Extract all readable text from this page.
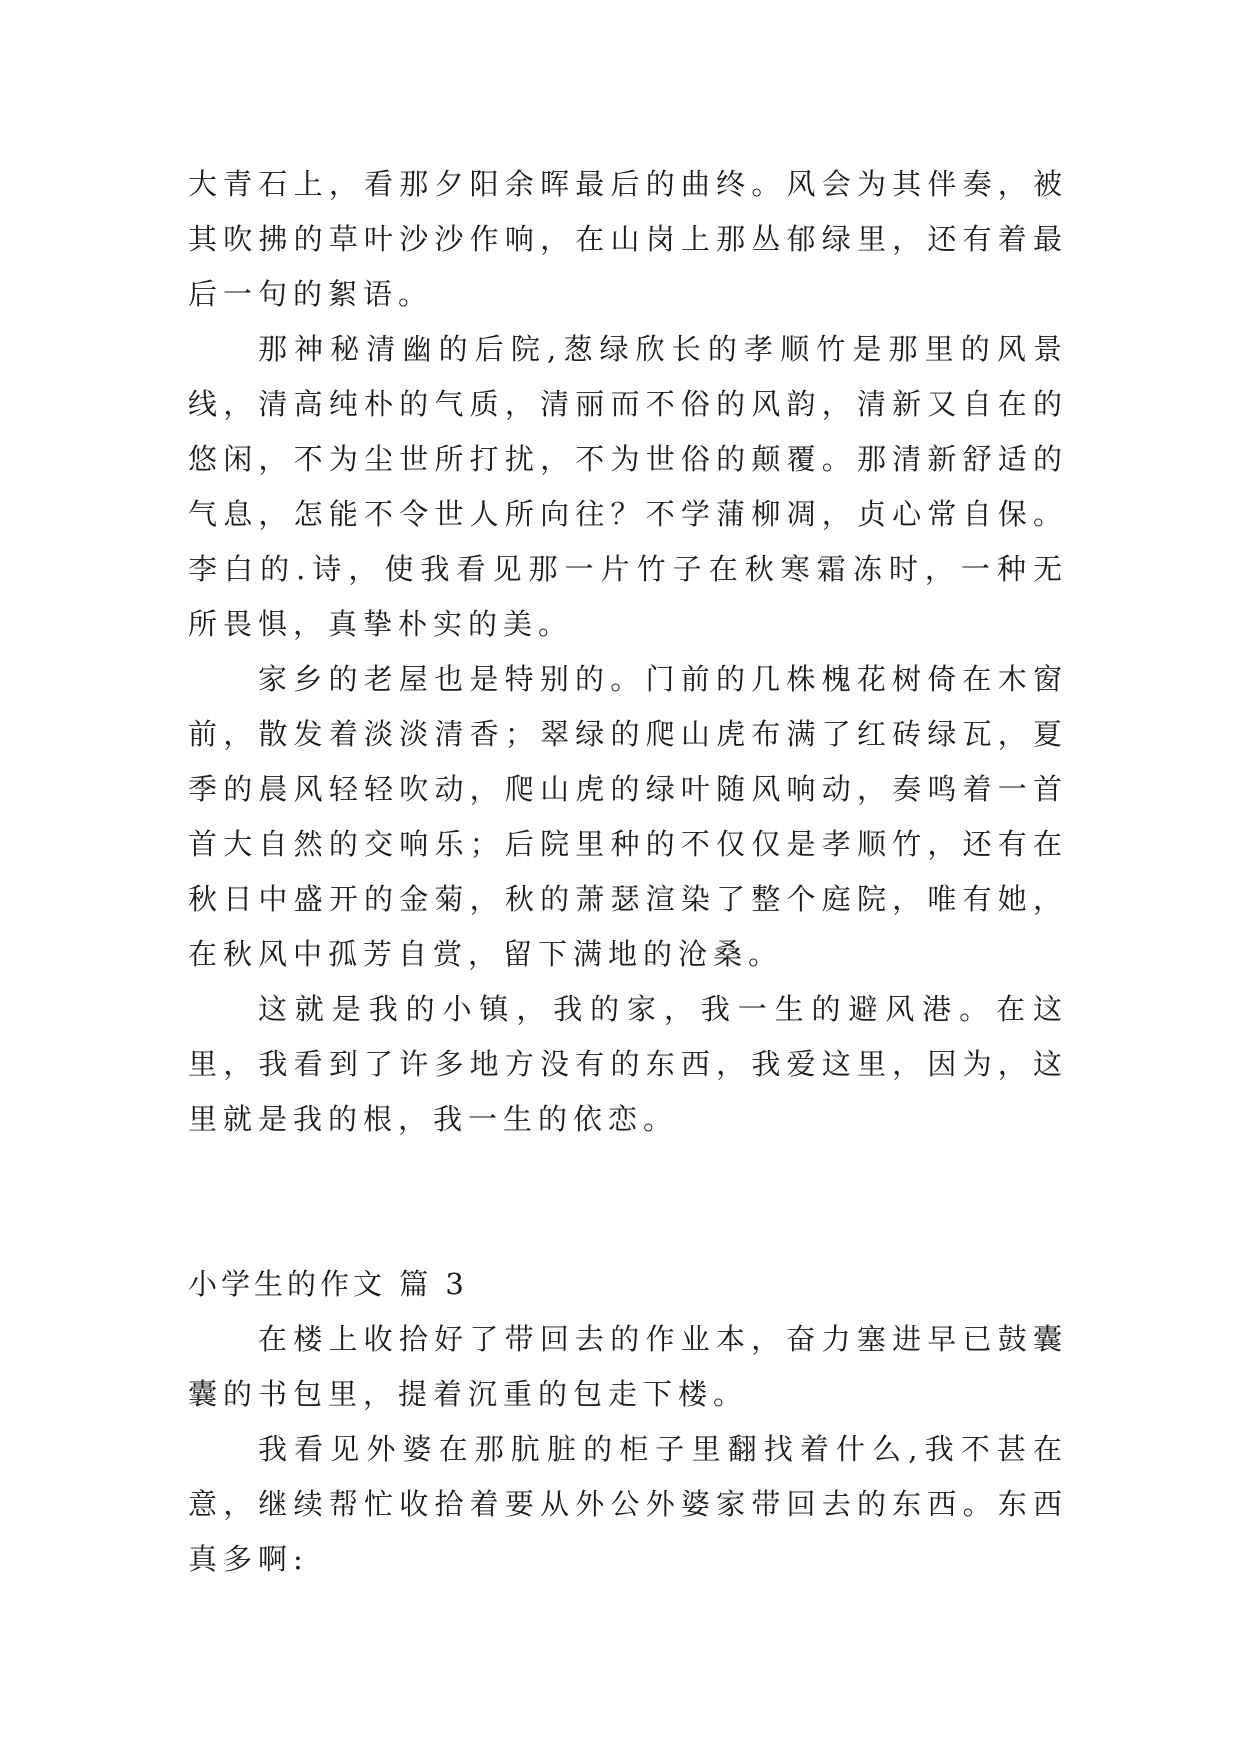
大青石上，看那夕阳余晖最后的曲终。风会为其伴奏，被其吹拂的草叶沙沙作响，在山岗上那丛郁绿里，还有着最后一句的絮语。

那神秘清幽的后院,葱绿欣长的孝顺竹是那里的风景线，清高纯朴的气质，清丽而不俗的风韵，清新又自在的悠闲，不为尘世所打扰，不为世俗的颠覆。那清新舒适的气息，怎能不令世人所向往？不学蒲柳凋，贞心常自保。李白的.诗，使我看见那一片竹子在秋寒霜冻时，一种无所畏惧，真挚朴实的美。

家乡的老屋也是特别的。门前的几株槐花树倚在木窗前，散发着淡淡清香；翠绿的爬山虎布满了红砖绿瓦，夏季的晨风轻轻吹动，爬山虎的绿叶随风响动，奏鸣着一首首大自然的交响乐；后院里种的不仅仅是孝顺竹，还有在秋日中盛开的金菊，秋的萧瑟渲染了整个庭院，唯有她，在秋风中孤芳自赏，留下满地的沧桑。

这就是我的小镇，我的家，我一生的避风港。在这里，我看到了许多地方没有的东西，我爱这里，因为，这里就是我的根，我一生的依恋。

小学生的作文 篇 3

在楼上收拾好了带回去的作业本，奋力塞进早已鼓囊囊的书包里，提着沉重的包走下楼。

我看见外婆在那肮脏的柜子里翻找着什么,我不甚在意，继续帮忙收拾着要从外公外婆家带回去的东西。东西真多啊:
